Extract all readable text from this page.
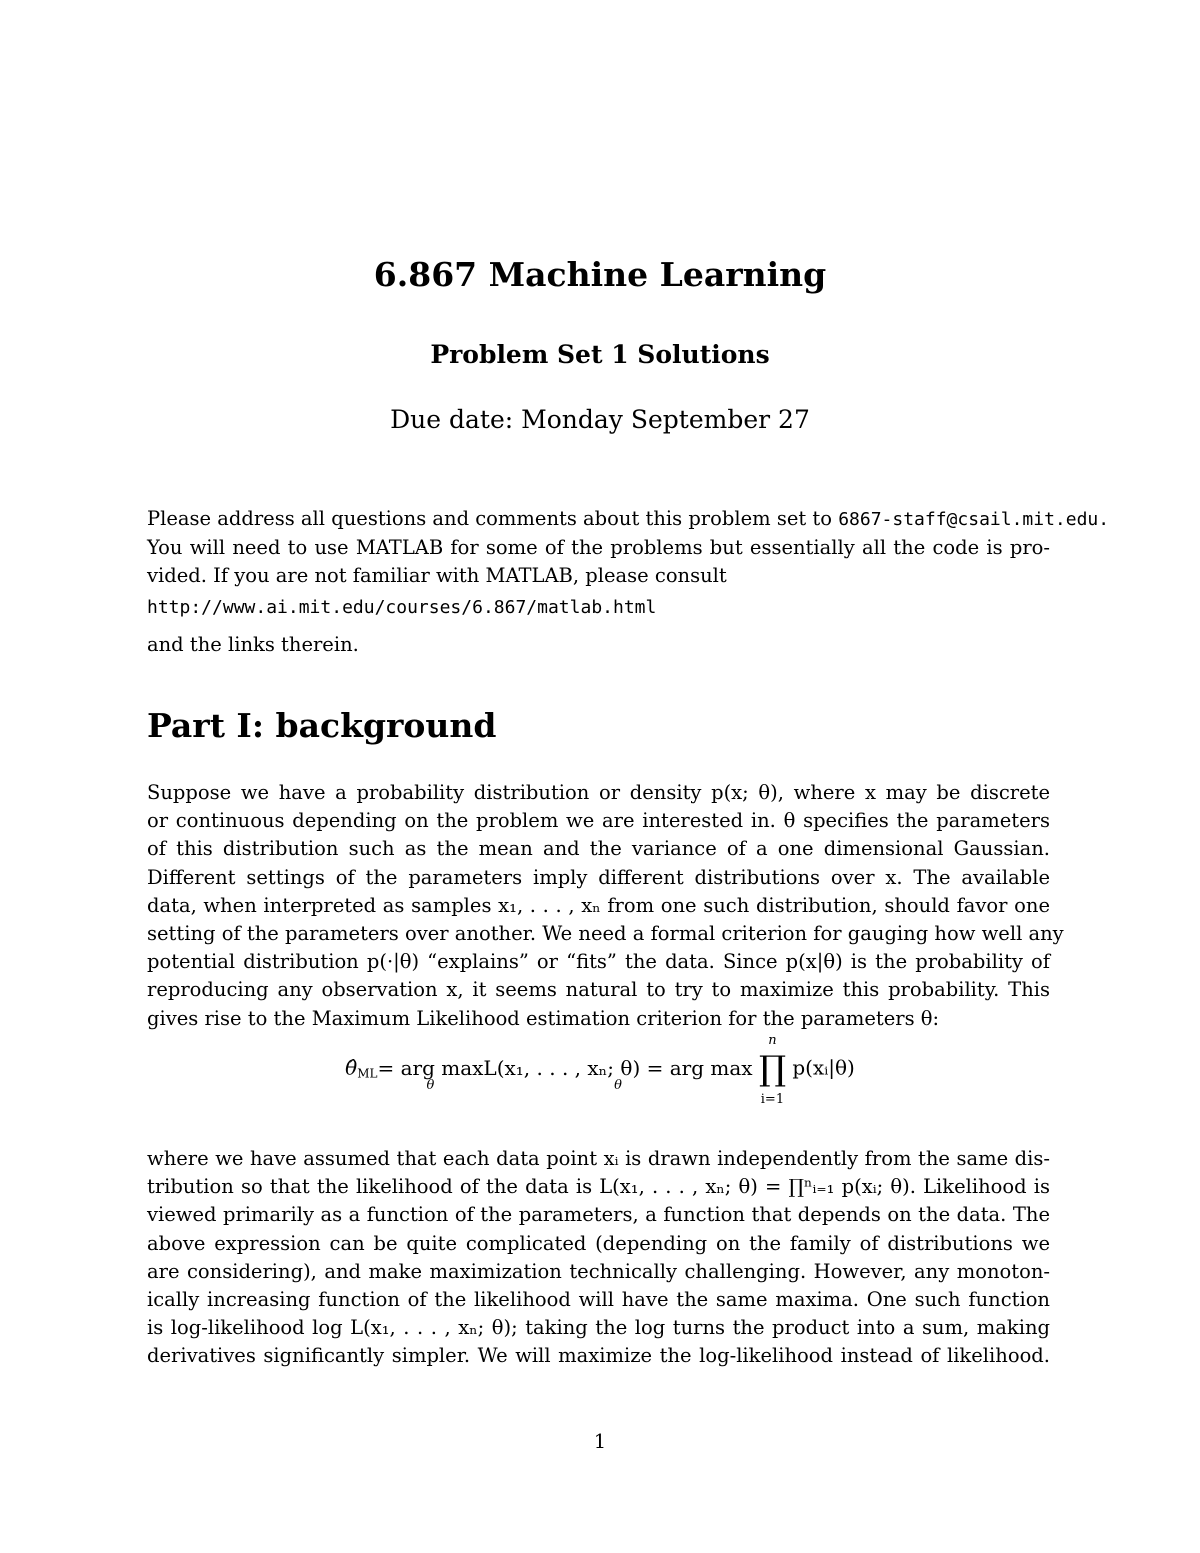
6.867 Machine Learning
Problem Set 1 Solutions
Due date: Monday September 27
Please address all questions and comments about this problem set to 6867-staff@csail.mit.edu.
You will need to use MATLAB for some of the problems but essentially all the code is pro-
vided. If you are not familiar with MATLAB, please consult
http://www.ai.mit.edu/courses/6.867/matlab.html
and the links therein.
Part I: background
Suppose we have a probability distribution or density p(x; θ), where x may be discrete
or continuous depending on the problem we are interested in. θ specifies the parameters
of this distribution such as the mean and the variance of a one dimensional Gaussian.
Different settings of the parameters imply different distributions over x. The available
data, when interpreted as samples x₁, . . . , xₙ from one such distribution, should favor one
setting of the parameters over another. We need a formal criterion for gauging how well any
potential distribution p(·|θ) “explains” or “fits” the data. Since p(x|θ) is the probability of
reproducing any observation x, it seems natural to try to maximize this probability. This
gives rise to the Maximum Likelihood estimation criterion for the parameters θ:
$\thetâ_{ML}=$ arg max
θ
L(x₁, . . . , xₙ; θ) = arg max
θ	∏
n
i=1
p(xᵢ|θ)
where we have assumed that each data point xᵢ is drawn independently from the same dis-
tribution so that the likelihood of the data is L(x₁, . . . , xₙ; θ) = ∏ⁿᵢ₌₁ p(xᵢ; θ). Likelihood is
viewed primarily as a function of the parameters, a function that depends on the data. The
above expression can be quite complicated (depending on the family of distributions we
are considering), and make maximization technically challenging. However, any monoton-
ically increasing function of the likelihood will have the same maxima. One such function
is log-likelihood log L(x₁, . . . , xₙ; θ); taking the log turns the product into a sum, making
derivatives significantly simpler. We will maximize the log-likelihood instead of likelihood.
1
